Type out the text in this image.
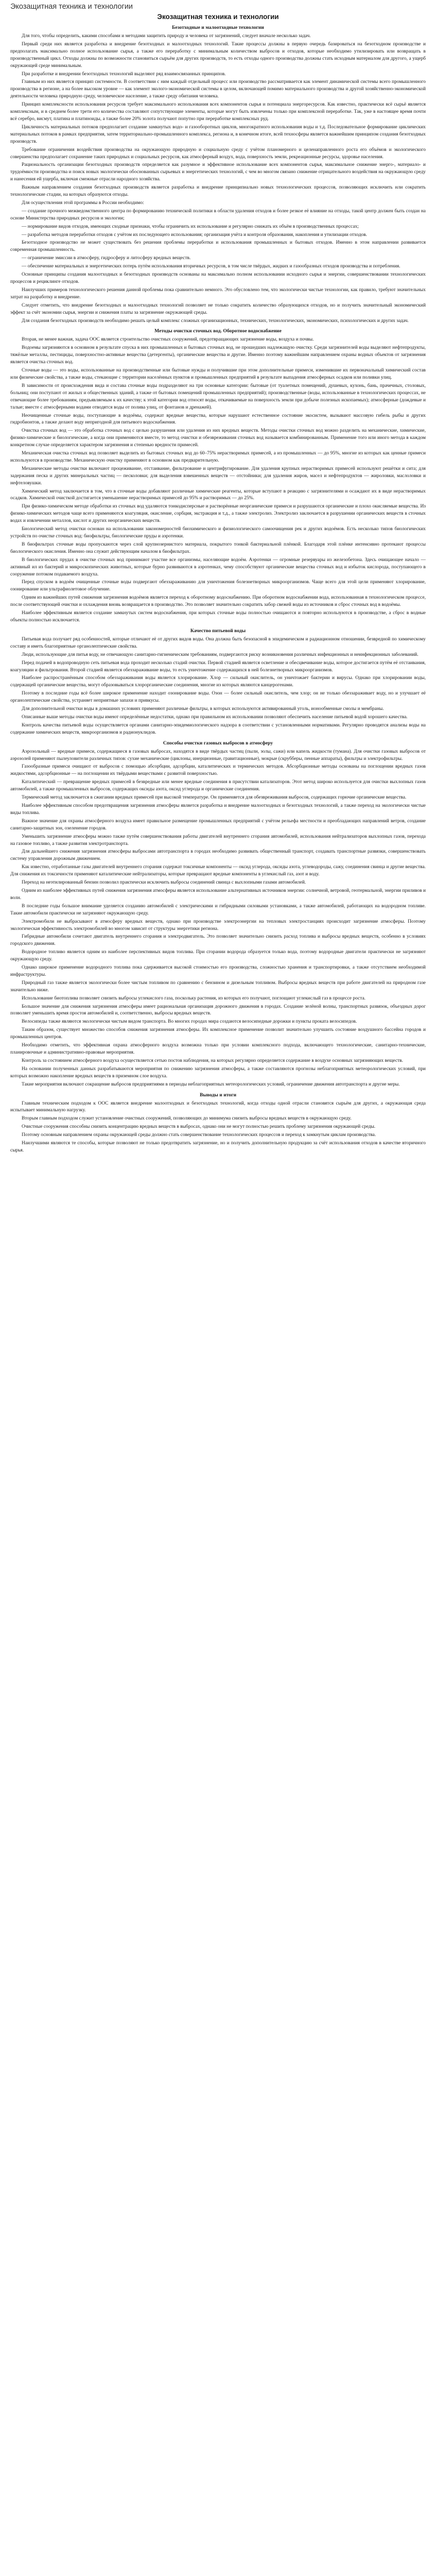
Экозащитная техника и технологии
Экозащитная техника и технологии
Безотходные и малоотходные технологии

Для того, чтобы определить, какими способами и методами защитить природу и человека от загрязнений, следует вначале несколько задач.

Первый среди них является разработка и внедрение безотходных и малоотходных технологий. Такие процессы должны в первую очередь базироваться на безотходном производстве и предполагать максимально полное использование сырья, а также его переработку с минимальным количеством выбросов и отходов, которые необходимо утилизировать или возвращать в производственный цикл. Отходы должны по возможности становиться сырьём для других производств, то есть отходы одного производства должны стать исходным материалом для другого, а ущерб окружающей среде минимальным.

При разработке и внедрении безотходных технологий выделяют ряд взаимосвязанных принципов.

Главным из них является принцип системности. В соответствии с ним каждый отдельный процесс или производство рассматривается как элемент динамической системы всего промышленного производства в регионе, а на более высоком уровне — как элемент эколого-экономической системы в целом, включающей помимо материального производства и другой хозяйственно-экономической деятельности человека природную среду, человеческое население, а также среду обитания человека.

Принцип комплексности использования ресурсов требует максимального использования всех компонентов сырья и потенциала энергоресурсов. Как известно, практически всё сырьё является комплексным, и в среднем более трети его количества составляют сопутствующие элементы, которые могут быть извлечены только при комплексной переработке. Так, уже в настоящее время почти всё серебро, висмут, платина и платиноиды, а также более 20% золота получают попутно при переработке комплексных руд.

Цикличность материальных потоков предполагает создание замкнутых водо- и газооборотных циклов, многократного использования воды и т.д. Последовательное формирование циклических материальных потоков в рамках предприятия, затем территориально-промышленного комплекса, региона и, в конечном итоге, всей техносферы является важнейшим принципом создания безотходных производств.

Требование ограничения воздействия производства на окружающую природную и социальную среду с учётом планомерного и целенаправленного роста его объёмов и экологического совершенства предполагает сохранение таких природных и социальных ресурсов, как атмосферный воздух, вода, поверхность земли, рекреационные ресурсы, здоровье населения.

Рациональность организации безотходных производств определяется как разумное и эффективное использование всех компонентов сырья, максимальное снижение энерго-, материало- и трудоёмкости производства и поиск новых экологически обоснованных сырьевых и энергетических технологий, с чем во многом связано снижение отрицательного воздействия на окружающую среду и нанесения ей ущерба, включая смежные отрасли народного хозяйства.

Важным направлением создания безотходных производств является разработка и внедрение принципиально новых технологических процессов, позволяющих исключить или сократить технологические стадии, на которых образуются отходы.

Для осуществления этой программы в России необходимо:

— создание прочного межведомственного центра по формированию технической политики в области удаления отходов и более резкое её влияние на отходы, такой центр должен быть создан на основе Министерства природных ресурсов и экологии;

— нормирование видов отходов, имеющих сходные признаки, чтобы ограничить их использование и регулярно снижать их объём в производственных процессах;

— разработка методов переработки отходов с учётом их последующего использования; организация учёта и контроля образования, накопления и утилизации отходов.

Безотходное производство не может существовать без решения проблемы переработки и использования промышленных и бытовых отходов. Именно в этом направлении развивается современная промышленность.

— ограничение эмиссии в атмосферу, гидросферу и литосферу вредных веществ.

— обеспечение материальных и энергетических потерь путём использования вторичных ресурсов, в том числе твёрдых, жидких и газообразных отходов производства и потребления.

Основные принципы создания малоотходных и безотходных производств основаны на максимально полном использовании исходного сырья и энергии, совершенствовании технологических процессов и рециклинге отходов.

Наилучших примеров технологического решения данной проблемы пока сравнительно немного. Это обусловлено тем, что экологически чистые технологии, как правило, требуют значительных затрат на разработку и внедрение.

Следует отметить, что внедрение безотходных и малоотходных технологий позволяет не только сократить количество образующихся отходов, но и получить значительный экономический эффект за счёт экономии сырья, энергии и снижения платы за загрязнение окружающей среды.

Для создания безотходных производств необходимо решать целый комплекс сложных организационных, технических, технологических, экономических, психологических и других задач.

Методы очистки сточных вод. Оборотное водоснабжение

Вторая, не менее важная, задача ООС является строительство очистных сооружений, предотвращающих загрязнение воды, воздуха и почвы.

Водоемы загрязняются в основном в результате спуска в них промышленных и бытовых сточных вод, не прошедших надлежащую очистку. Среди загрязнителей воды выделяют нефтепродукты, тяжёлые металлы, пестициды, поверхностно-активные вещества (детергенты), органические вещества и другие. Именно поэтому важнейшим направлением охраны водных объектов от загрязнения является очистка сточных вод.

Сточные воды — это воды, использованные на производственные или бытовые нужды и получившие при этом дополнительные примеси, изменившие их первоначальный химический состав или физические свойства, а также воды, стекающие с территории населённых пунктов и промышленных предприятий в результате выпадения атмосферных осадков или поливки улиц.

В зависимости от происхождения вида и состава сточные воды подразделяют на три основные категории: бытовые (от туалетных помещений, душевых, кухонь, бань, прачечных, столовых, больниц; они поступают от жилых и общественных зданий, а также от бытовых помещений промышленных предприятий); производственные (воды, использованные в технологических процессах, не отвечающие более требованиям, предъявляемым к их качеству; к этой категории вод относят воды, откачиваемые на поверхность земли при добыче полезных ископаемых); атмосферные (дождевые и талые; вместе с атмосферными водами отводятся воды от полива улиц, от фонтанов и дренажей).

Неочищенные сточные воды, поступающие в водоёмы, содержат вредные вещества, которые нарушают естественное состояние экосистем, вызывают массовую гибель рыбы и других гидробионтов, а также делают воду непригодной для питьевого водоснабжения.

Очистка сточных вод — это обработка сточных вод с целью разрушения или удаления из них вредных веществ. Методы очистки сточных вод можно разделить на механические, химические, физико-химические и биологические, а когда они применяются вместе, то метод очистки и обезвреживания сточных вод называется комбинированным. Применение того или иного метода в каждом конкретном случае определяется характером загрязнения и степенью вредности примесей.

Механическая очистка сточных вод позволяет выделить из бытовых сточных вод до 60–75% нерастворимых примесей, а из промышленных — до 95%, многие из которых как ценные примеси используются в производстве. Механическую очистку применяют в основном как предварительную.

Механические методы очистки включают процеживание, отстаивание, фильтрование и центрифугирование. Для удаления крупных нерастворимых примесей используют решётки и сита; для задержания песка и других минеральных частиц — песколовки; для выделения взвешенных веществ — отстойники; для удаления жиров, масел и нефтепродуктов — жироловки, маслоловки и нефтеловушки.

Химический метод заключается в том, что в сточные воды добавляют различные химические реагенты, которые вступают в реакцию с загрязнителями и осаждают их в виде нерастворимых осадков. Химической очисткой достигается уменьшение нерастворимых примесей до 95% и растворимых — до 25%.

При физико-химическом методе обработки из сточных вод удаляются тонкодисперсные и растворённые неорганические примеси и разрушаются органические и плохо окисляемые вещества. Из физико-химических методов чаще всего применяются коагуляция, окисление, сорбция, экстракция и т.д., а также электролиз. Электролиз заключается в разрушении органических веществ в сточных водах и извлечении металлов, кислот и других неорганических веществ.

Биологический метод очистки основан на использовании закономерностей биохимического и физиологического самоочищения рек и других водоёмов. Есть несколько типов биологических устройств по очистке сточных вод: биофильтры, биологические пруды и аэротенки.

В биофильтрах сточные воды пропускаются через слой крупнозернистого материала, покрытого тонкой бактериальной плёнкой. Благодаря этой плёнке интенсивно протекают процессы биологического окисления. Именно она служит действующим началом в биофильтрах.

В биологических прудах в очистке сточных вод принимают участие все организмы, населяющие водоём. Аэротенки — огромные резервуары из железобетона. Здесь очищающее начало — активный ил из бактерий и микроскопических животных, которые бурно развиваются в аэротенках, чему способствуют органические вещества сточных вод и избыток кислорода, поступающего в сооружение потоком подаваемого воздуха.

Перед спуском в водоём очищенные сточные воды подвергают обеззараживанию для уничтожения болезнетворных микроорганизмов. Чаще всего для этой цели применяют хлорирование, озонирование или ультрафиолетовое облучение.

Одним из важнейших путей снижения загрязнения водоёмов является переход к оборотному водоснабжению. При оборотном водоснабжении вода, использованная в технологическом процессе, после соответствующей очистки и охлаждения вновь возвращается в производство. Это позволяет значительно сократить забор свежей воды из источников и сброс сточных вод в водоёмы.

Наиболее эффективным является создание замкнутых систем водоснабжения, при которых сточные воды полностью очищаются и повторно используются в производстве, а сброс в водные объекты полностью исключается.

Качество питьевой воды

Питьевая вода получает ряд особенностей, которые отличают её от других видов воды. Она должна быть безопасной в эпидемическом и радиационном отношении, безвредной по химическому составу и иметь благоприятные органолептические свойства.

Люди, использующие для питья воду, не отвечающую санитарно-гигиеническим требованиям, подвергаются риску возникновения различных инфекционных и неинфекционных заболеваний.

Перед подачей в водопроводную сеть питьевая вода проходит несколько стадий очистки. Первой стадией является осветление и обесцвечивание воды, которое достигается путём её отстаивания, коагуляции и фильтрования. Второй стадией является обеззараживание воды, то есть уничтожение содержащихся в ней болезнетворных микроорганизмов.

Наиболее распространённым способом обеззараживания воды является хлорирование. Хлор — сильный окислитель, он уничтожает бактерии и вирусы. Однако при хлорировании воды, содержащей органические вещества, могут образовываться хлорорганические соединения, многие из которых являются канцерогенами.

Поэтому в последние годы всё более широкое применение находит озонирование воды. Озон — более сильный окислитель, чем хлор; он не только обеззараживает воду, но и улучшает её органолептические свойства, устраняет неприятные запахи и привкусы.

Для дополнительной очистки воды в домашних условиях применяют различные фильтры, в которых используются активированный уголь, ионообменные смолы и мембраны.

Описанные выше методы очистки воды имеют определённые недостатки, однако при правильном их использовании позволяют обеспечить население питьевой водой хорошего качества.

Контроль качества питьевой воды осуществляется органами санитарно-эпидемиологического надзора в соответствии с установленными нормативами. Регулярно проводятся анализы воды на содержание химических веществ, микроорганизмов и радионуклидов.

Способы очистки газовых выбросов в атмосферу

Аэрозольный — вредные примеси, содержащиеся в газовых выбросах, находятся в виде твёрдых частиц (пыли, золы, сажи) или капель жидкости (тумана). Для очистки газовых выбросов от аэрозолей применяют пылеуловители различных типов: сухие механические (циклоны, инерционные, гравитационные), мокрые (скрубберы, пенные аппараты), фильтры и электрофильтры.

Газообразные примеси очищают от выбросов с помощью абсорбции, адсорбции, каталитических и термических методов. Абсорбционные методы основаны на поглощении вредных газов жидкостями, адсорбционные — на поглощении их твёрдыми веществами с развитой поверхностью.

Каталитический — превращение вредных примесей в безвредные или менее вредные соединения в присутствии катализаторов. Этот метод широко используется для очистки выхлопных газов автомобилей, а также промышленных выбросов, содержащих оксиды азота, оксид углерода и органические соединения.

Термический метод заключается в сжигании вредных примесей при высокой температуре. Он применяется для обезвреживания выбросов, содержащих горючие органические вещества.

Наиболее эффективным способом предотвращения загрязнения атмосферы является разработка и внедрение малоотходных и безотходных технологий, а также переход на экологически чистые виды топлива.

Важное значение для охраны атмосферного воздуха имеет правильное размещение промышленных предприятий с учётом рельефа местности и преобладающих направлений ветров, создание санитарно-защитных зон, озеленение городов.

Уменьшить загрязнение атмосферы можно также путём совершенствования работы двигателей внутреннего сгорания автомобилей, использования нейтрализаторов выхлопных газов, перехода на газовое топливо, а также развития электротранспорта.

Для дальнейшего снижения загрязнения атмосферы выбросами автотранспорта в городах необходимо развивать общественный транспорт, создавать транспортные развязки, совершенствовать систему управления дорожным движением.

Как известно, отработанные газы двигателей внутреннего сгорания содержат токсичные компоненты — оксид углерода, оксиды азота, углеводороды, сажу, соединения свинца и другие вещества. Для снижения их токсичности применяют каталитические нейтрализаторы, которые превращают вредные компоненты в углекислый газ, азот и воду.

Переход на неэтилированный бензин позволил практически исключить выбросы соединений свинца с выхлопными газами автомобилей.

Одним из наиболее эффективных путей снижения загрязнения атмосферы является использование альтернативных источников энергии: солнечной, ветровой, геотермальной, энергии приливов и волн.

В последние годы большое внимание уделяется созданию автомобилей с электрическими и гибридными силовыми установками, а также автомобилей, работающих на водородном топливе. Такие автомобили практически не загрязняют окружающую среду.

Электромобили не выбрасывают в атмосферу вредных веществ, однако при производстве электроэнергии на тепловых электростанциях происходит загрязнение атмосферы. Поэтому экологическая эффективность электромобилей во многом зависит от структуры энергетики региона.

Гибридные автомобили сочетают двигатель внутреннего сгорания и электродвигатель. Это позволяет значительно снизить расход топлива и выбросы вредных веществ, особенно в условиях городского движения.

Водородное топливо является одним из наиболее перспективных видов топлива. При сгорании водорода образуется только вода, поэтому водородные двигатели практически не загрязняют окружающую среду.

Однако широкое применение водородного топлива пока сдерживается высокой стоимостью его производства, сложностью хранения и транспортировки, а также отсутствием необходимой инфраструктуры.

Природный газ также является экологически более чистым топливом по сравнению с бензином и дизельным топливом. Выбросы вредных веществ при работе двигателей на природном газе значительно ниже.

Использование биотоплива позволяет снизить выбросы углекислого газа, поскольку растения, из которых его получают, поглощают углекислый газ в процессе роста.

Большое значение для снижения загрязнения атмосферы имеет рациональная организация дорожного движения в городах. Создание зелёной волны, транспортных развязок, объездных дорог позволяет уменьшить время простоя автомобилей и, соответственно, выбросы вредных веществ.

Велосипеды также являются экологически чистым видом транспорта. Во многих городах мира создаются велосипедные дорожки и пункты проката велосипедов.

Таким образом, существует множество способов снижения загрязнения атмосферы. Их комплексное применение позволит значительно улучшить состояние воздушного бассейна городов и промышленных центров.

Необходимо отметить, что эффективная охрана атмосферного воздуха возможна только при условии комплексного подхода, включающего технологические, санитарно-технические, планировочные и административно-правовые мероприятия.

Контроль за состоянием атмосферного воздуха осуществляется сетью постов наблюдения, на которых регулярно определяется содержание в воздухе основных загрязняющих веществ.

На основании полученных данных разрабатываются мероприятия по снижению загрязнения атмосферы, а также составляются прогнозы неблагоприятных метеорологических условий, при которых возможно накопление вредных веществ в приземном слое воздуха.

Такие мероприятия включают сокращение выбросов предприятиями в периоды неблагоприятных метеорологических условий, ограничение движения автотранспорта и другие меры.

Выводы и итоги

Главным техническим подходом к ООС является внедрение малоотходных и безотходных технологий, когда отходы одной отрасли становятся сырьём для других, а окружающая среда испытывает минимальную нагрузку.

Вторым главным подходом служит установление очистных сооружений, позволяющих до минимума снизить выбросы вредных веществ в окружающую среду.

Очистные сооружения способны снизить концентрацию вредных веществ в выбросах, однако они не могут полностью решить проблему загрязнения окружающей среды.

Поэтому основным направлением охраны окружающей среды должно стать совершенствование технологических процессов и переход к замкнутым циклам производства.

Наилучшими являются те способы, которые позволяют не только предотвратить загрязнение, но и получить дополнительную продукцию за счёт использования отходов в качестве вторичного сырья.
